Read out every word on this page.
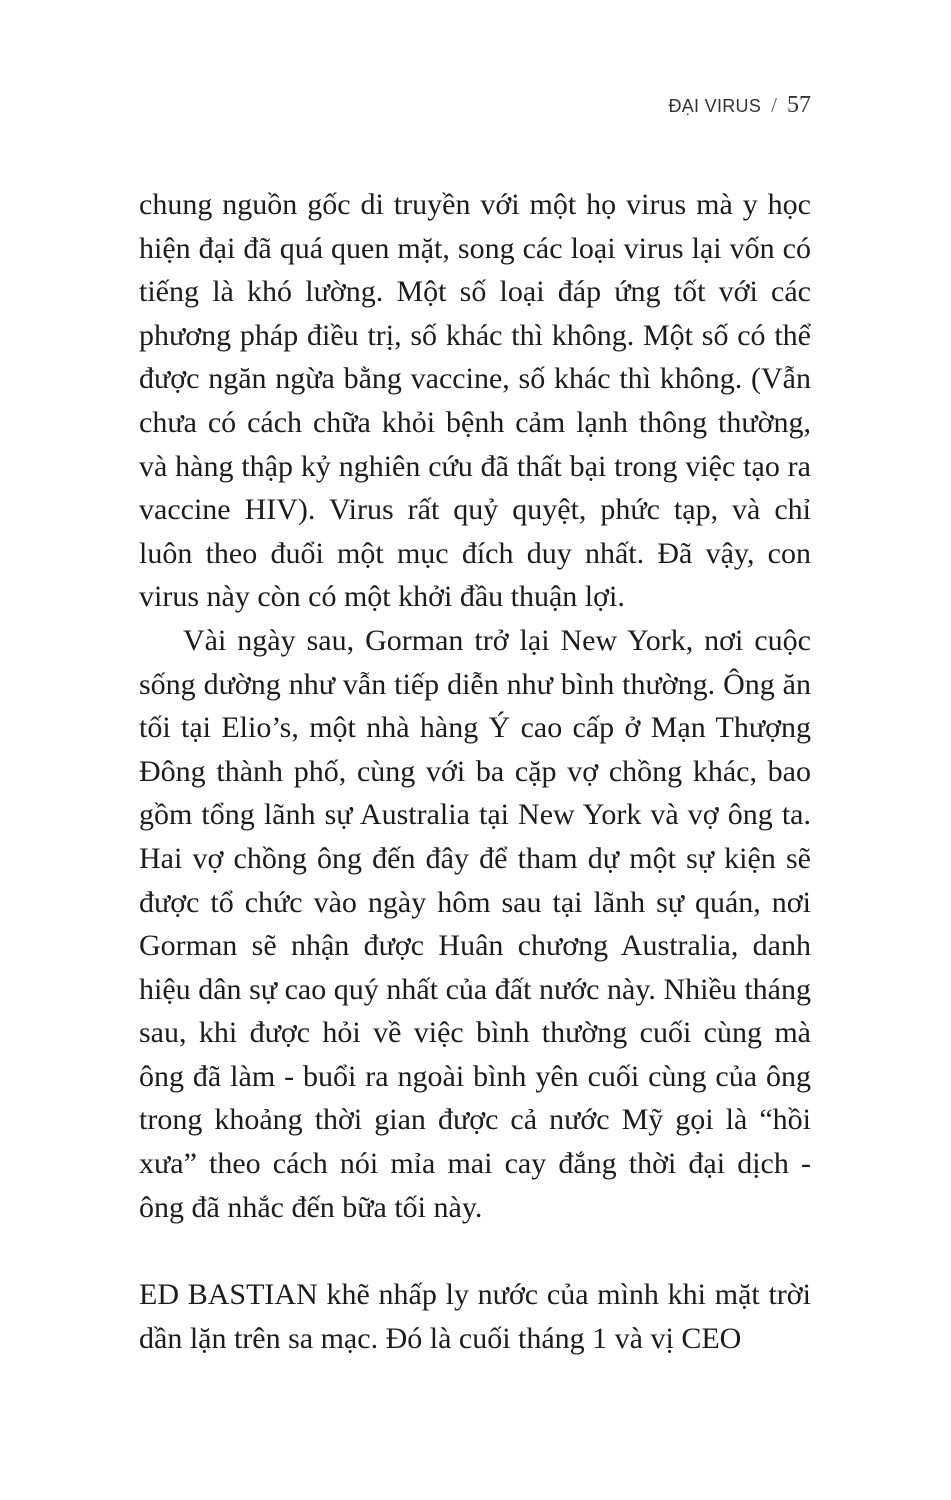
ĐẠI VIRUS / 57

chung nguồn gốc di truyền với một họ virus mà y học hiện đại đã quá quen mặt, song các loại virus lại vốn có tiếng là khó lường. Một số loại đáp ứng tốt với các phương pháp điều trị, số khác thì không. Một số có thể được ngăn ngừa bằng vaccine, số khác thì không. (Vẫn chưa có cách chữa khỏi bệnh cảm lạnh thông thường, và hàng thập kỷ nghiên cứu đã thất bại trong việc tạo ra vaccine HIV). Virus rất quỷ quyệt, phức tạp, và chỉ luôn theo đuổi một mục đích duy nhất. Đã vậy, con virus này còn có một khởi đầu thuận lợi.

Vài ngày sau, Gorman trở lại New York, nơi cuộc sống dường như vẫn tiếp diễn như bình thường. Ông ăn tối tại Elio’s, một nhà hàng Ý cao cấp ở Mạn Thượng Đông thành phố, cùng với ba cặp vợ chồng khác, bao gồm tổng lãnh sự Australia tại New York và vợ ông ta. Hai vợ chồng ông đến đây để tham dự một sự kiện sẽ được tổ chức vào ngày hôm sau tại lãnh sự quán, nơi Gorman sẽ nhận được Huân chương Australia, danh hiệu dân sự cao quý nhất của đất nước này. Nhiều tháng sau, khi được hỏi về việc bình thường cuối cùng mà ông đã làm - buổi ra ngoài bình yên cuối cùng của ông trong khoảng thời gian được cả nước Mỹ gọi là “hồi xưa” theo cách nói mỉa mai cay đắng thời đại dịch - ông đã nhắc đến bữa tối này.

ED BASTIAN khẽ nhấp ly nước của mình khi mặt trời dần lặn trên sa mạc. Đó là cuối tháng 1 và vị CEO
